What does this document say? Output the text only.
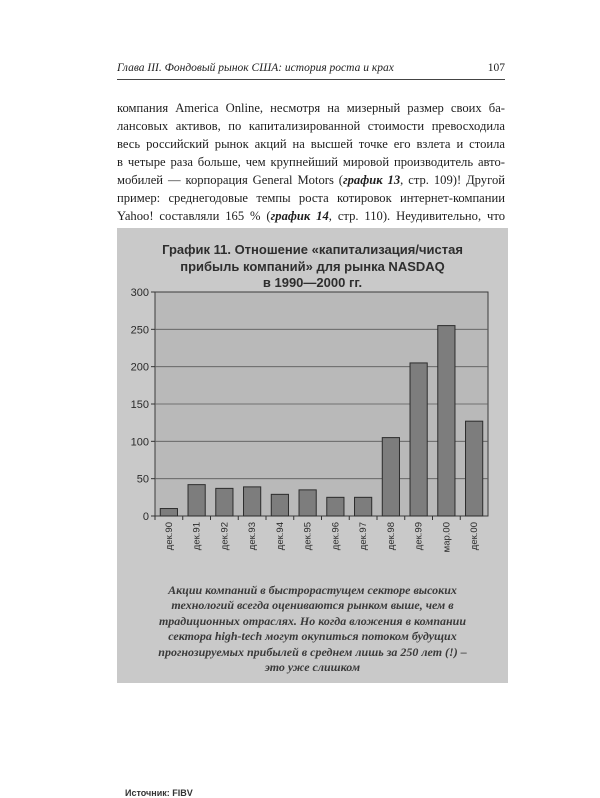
Глава III. Фондовый рынок США: история роста и крах	107
компания America Online, несмотря на мизерный размер своих ба-
лансовых активов, по капитализированной стоимости превосходила
весь российский рынок акций на высшей точке его взлета и стоила
в четыре раза больше, чем крупнейший мировой производитель авто-
мобилей — корпорация General Motors (график 13, стр. 109)! Другой
пример: среднегодовые темпы роста котировок интернет-компании
Yahoo! составляли 165 % (график 14, стр. 110). Неудивительно, что
0
50
100
150
200
250
300
дек.90 дек.91 дек.92 дек.93 дек.94 дек.95 дек.96 дек.97 дек.98 дек.99 мар.00 дек.00
График 11. Отношение «капитализация/чистая
прибыль компаний» для рынка NASDAQ
в 1990—2000 гг.
Источник: FIBV
Акции компаний в быстрорастущем секторе высоких
технологий всегда оцениваются рынком выше, чем в
традиционных отраслях. Но когда вложения в компании
сектора high-tech могут окупиться потоком будущих
прогнозируемых прибылей в среднем лишь за 250 лет (!) –
это уже слишком
